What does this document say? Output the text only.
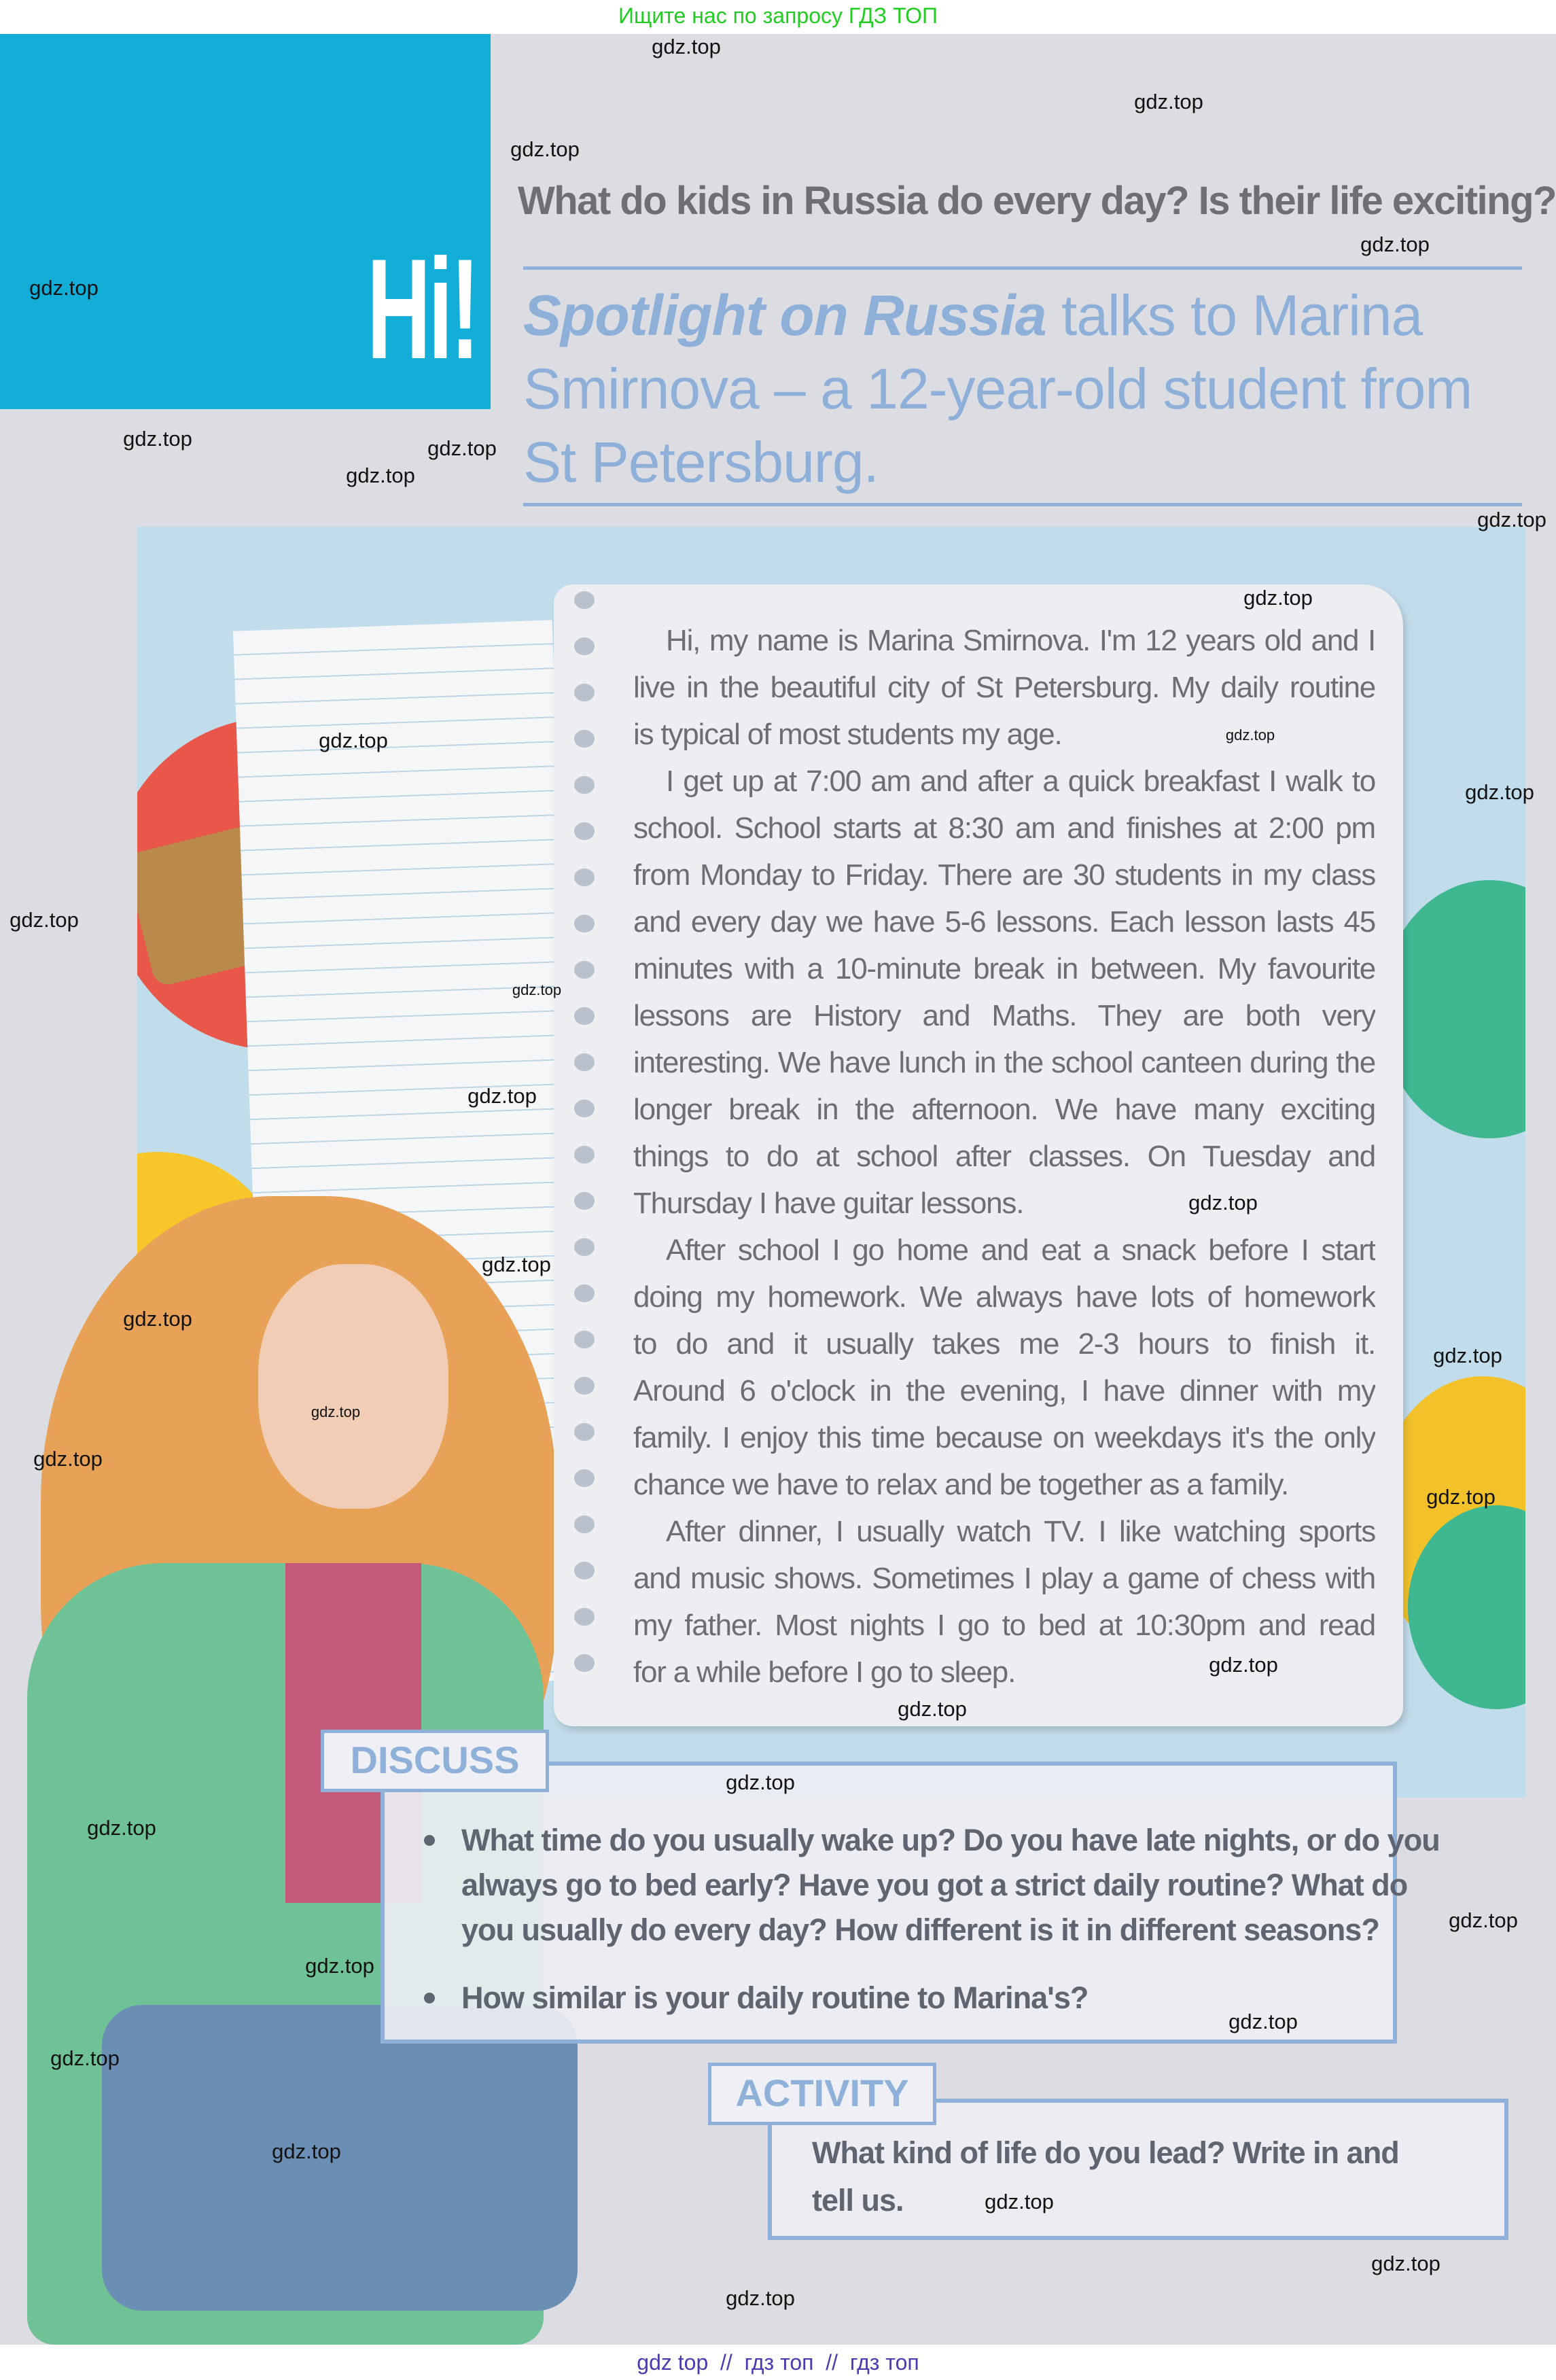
Ищите нас по запросу ГДЗ ТОП
Hi!
What do kids in Russia do every day? Is their life exciting?
Spotlight on Russia talks to Marina Smirnova – a 12-year-old student from St Petersburg.
Hi, my name is Marina Smirnova. I'm 12 years old and I
live in the beautiful city of St Petersburg. My daily routine
is typical of most students my age.
I get up at 7:00 am and after a quick breakfast I walk to
school. School starts at 8:30 am and finishes at 2:00 pm
from Monday to Friday. There are 30 students in my class
and every day we have 5-6 lessons. Each lesson lasts 45
minutes with a 10-minute break in between. My favourite
lessons are History and Maths. They are both very
interesting. We have lunch in the school canteen during the
longer break in the afternoon. We have many exciting
things to do at school after classes. On Tuesday and
Thursday I have guitar lessons.
After school I go home and eat a snack before I start
doing my homework. We always have lots of homework
to do and it usually takes me 2-3 hours to finish it.
Around 6 o'clock in the evening, I have dinner with my
family. I enjoy this time because on weekdays it's the only
chance we have to relax and be together as a family.
After dinner, I usually watch TV. I like watching sports
and music shows. Sometimes I play a game of chess with
my father. Most nights I go to bed at 10:30pm and read
for a while before I go to sleep.
DISCUSS
What time do you usually wake up? Do you have late nights, or do you
always go to bed early? Have you got a strict daily routine? What do
you usually do every day? How different is it in different seasons?
How similar is your daily routine to Marina's?
ACTIVITY
What kind of life do you lead? Write in and
tell us.
gdz.top
gdz.top
gdz.top
gdz.top
gdz.top
gdz.top
gdz.top
gdz.top
gdz.top
gdz.top
gdz.top
gdz.top
gdz.top
gdz.top
gdz.top
gdz.top
gdz.top
gdz.top
gdz.top
gdz.top
gdz.top
gdz.top
gdz.top
gdz.top
gdz.top
gdz.top
gdz.top
gdz.top
gdz.top
gdz.top
gdz.top
gdz.top
gdz.top
gdz.top
gdz.top
gdz top  //  гдз топ  //  гдз топ
